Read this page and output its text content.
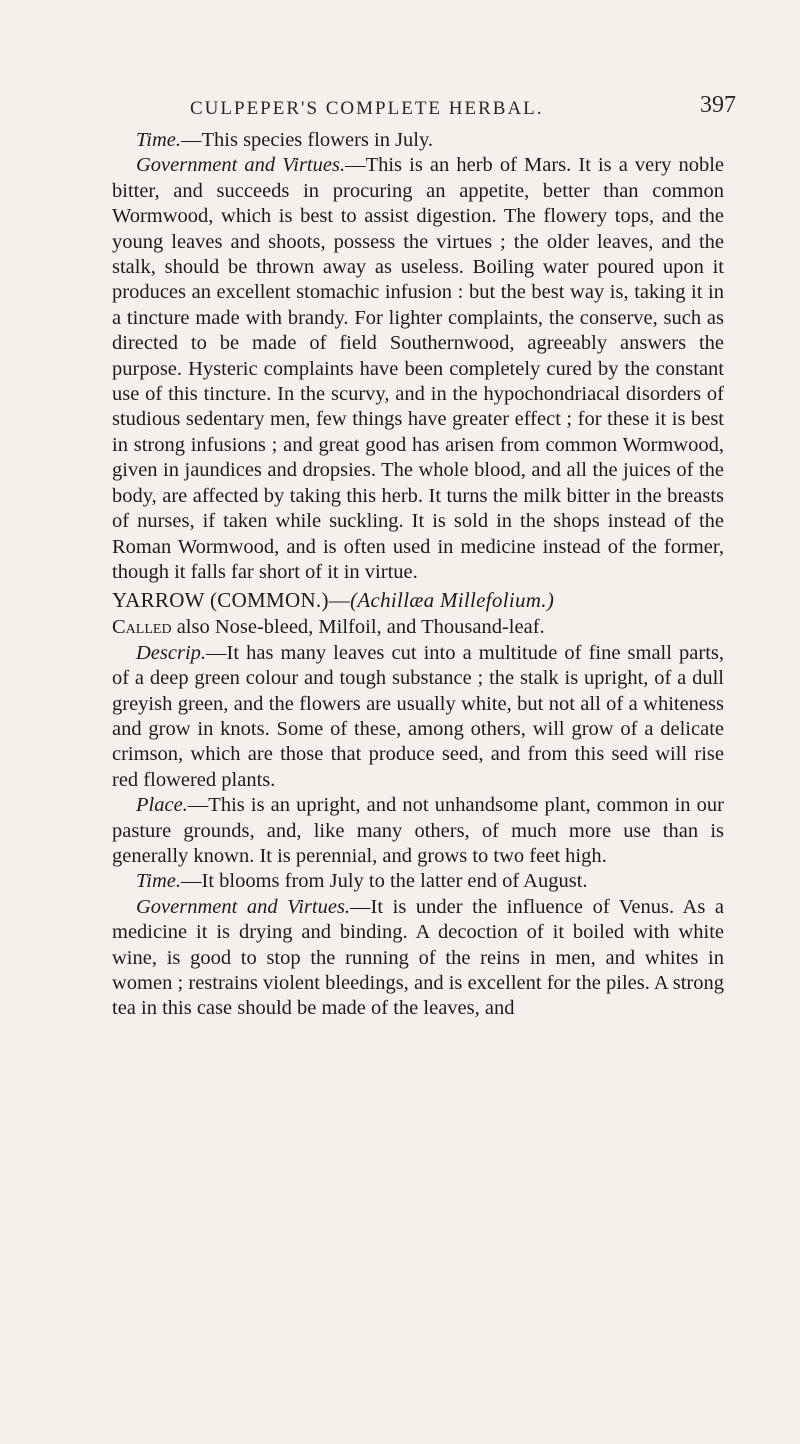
CULPEPER'S COMPLETE HERBAL.	397

Time.—This species flowers in July.

Government and Virtues.—This is an herb of Mars. It is a very noble bitter, and succeeds in procuring an appetite, better than common Wormwood, which is best to assist digestion. The flowery tops, and the young leaves and shoots, possess the virtues ; the older leaves, and the stalk, should be thrown away as useless. Boiling water poured upon it produces an excellent stomachic infusion : but the best way is, taking it in a tincture made with brandy. For lighter complaints, the conserve, such as directed to be made of field Southernwood, agreeably answers the purpose. Hysteric complaints have been completely cured by the constant use of this tincture. In the scurvy, and in the hypochondriacal disorders of studious sedentary men, few things have greater effect ; for these it is best in strong infusions ; and great good has arisen from common Wormwood, given in jaundices and dropsies. The whole blood, and all the juices of the body, are affected by taking this herb. It turns the milk bitter in the breasts of nurses, if taken while suckling. It is sold in the shops instead of the Roman Wormwood, and is often used in medicine instead of the former, though it falls far short of it in virtue.

YARROW (COMMON.)—(Achillæa Millefolium.)

Called also Nose-bleed, Milfoil, and Thousand-leaf.

Descrip.—It has many leaves cut into a multitude of fine small parts, of a deep green colour and tough substance ; the stalk is upright, of a dull greyish green, and the flowers are usually white, but not all of a whiteness and grow in knots. Some of these, among others, will grow of a delicate crimson, which are those that produce seed, and from this seed will rise red flowered plants.

Place.—This is an upright, and not unhandsome plant, common in our pasture grounds, and, like many others, of much more use than is generally known. It is perennial, and grows to two feet high.

Time.—It blooms from July to the latter end of August.

Government and Virtues.—It is under the influence of Venus. As a medicine it is drying and binding. A decoction of it boiled with white wine, is good to stop the running of the reins in men, and whites in women ; restrains violent bleedings, and is excellent for the piles. A strong tea in this case should be made of the leaves, and
